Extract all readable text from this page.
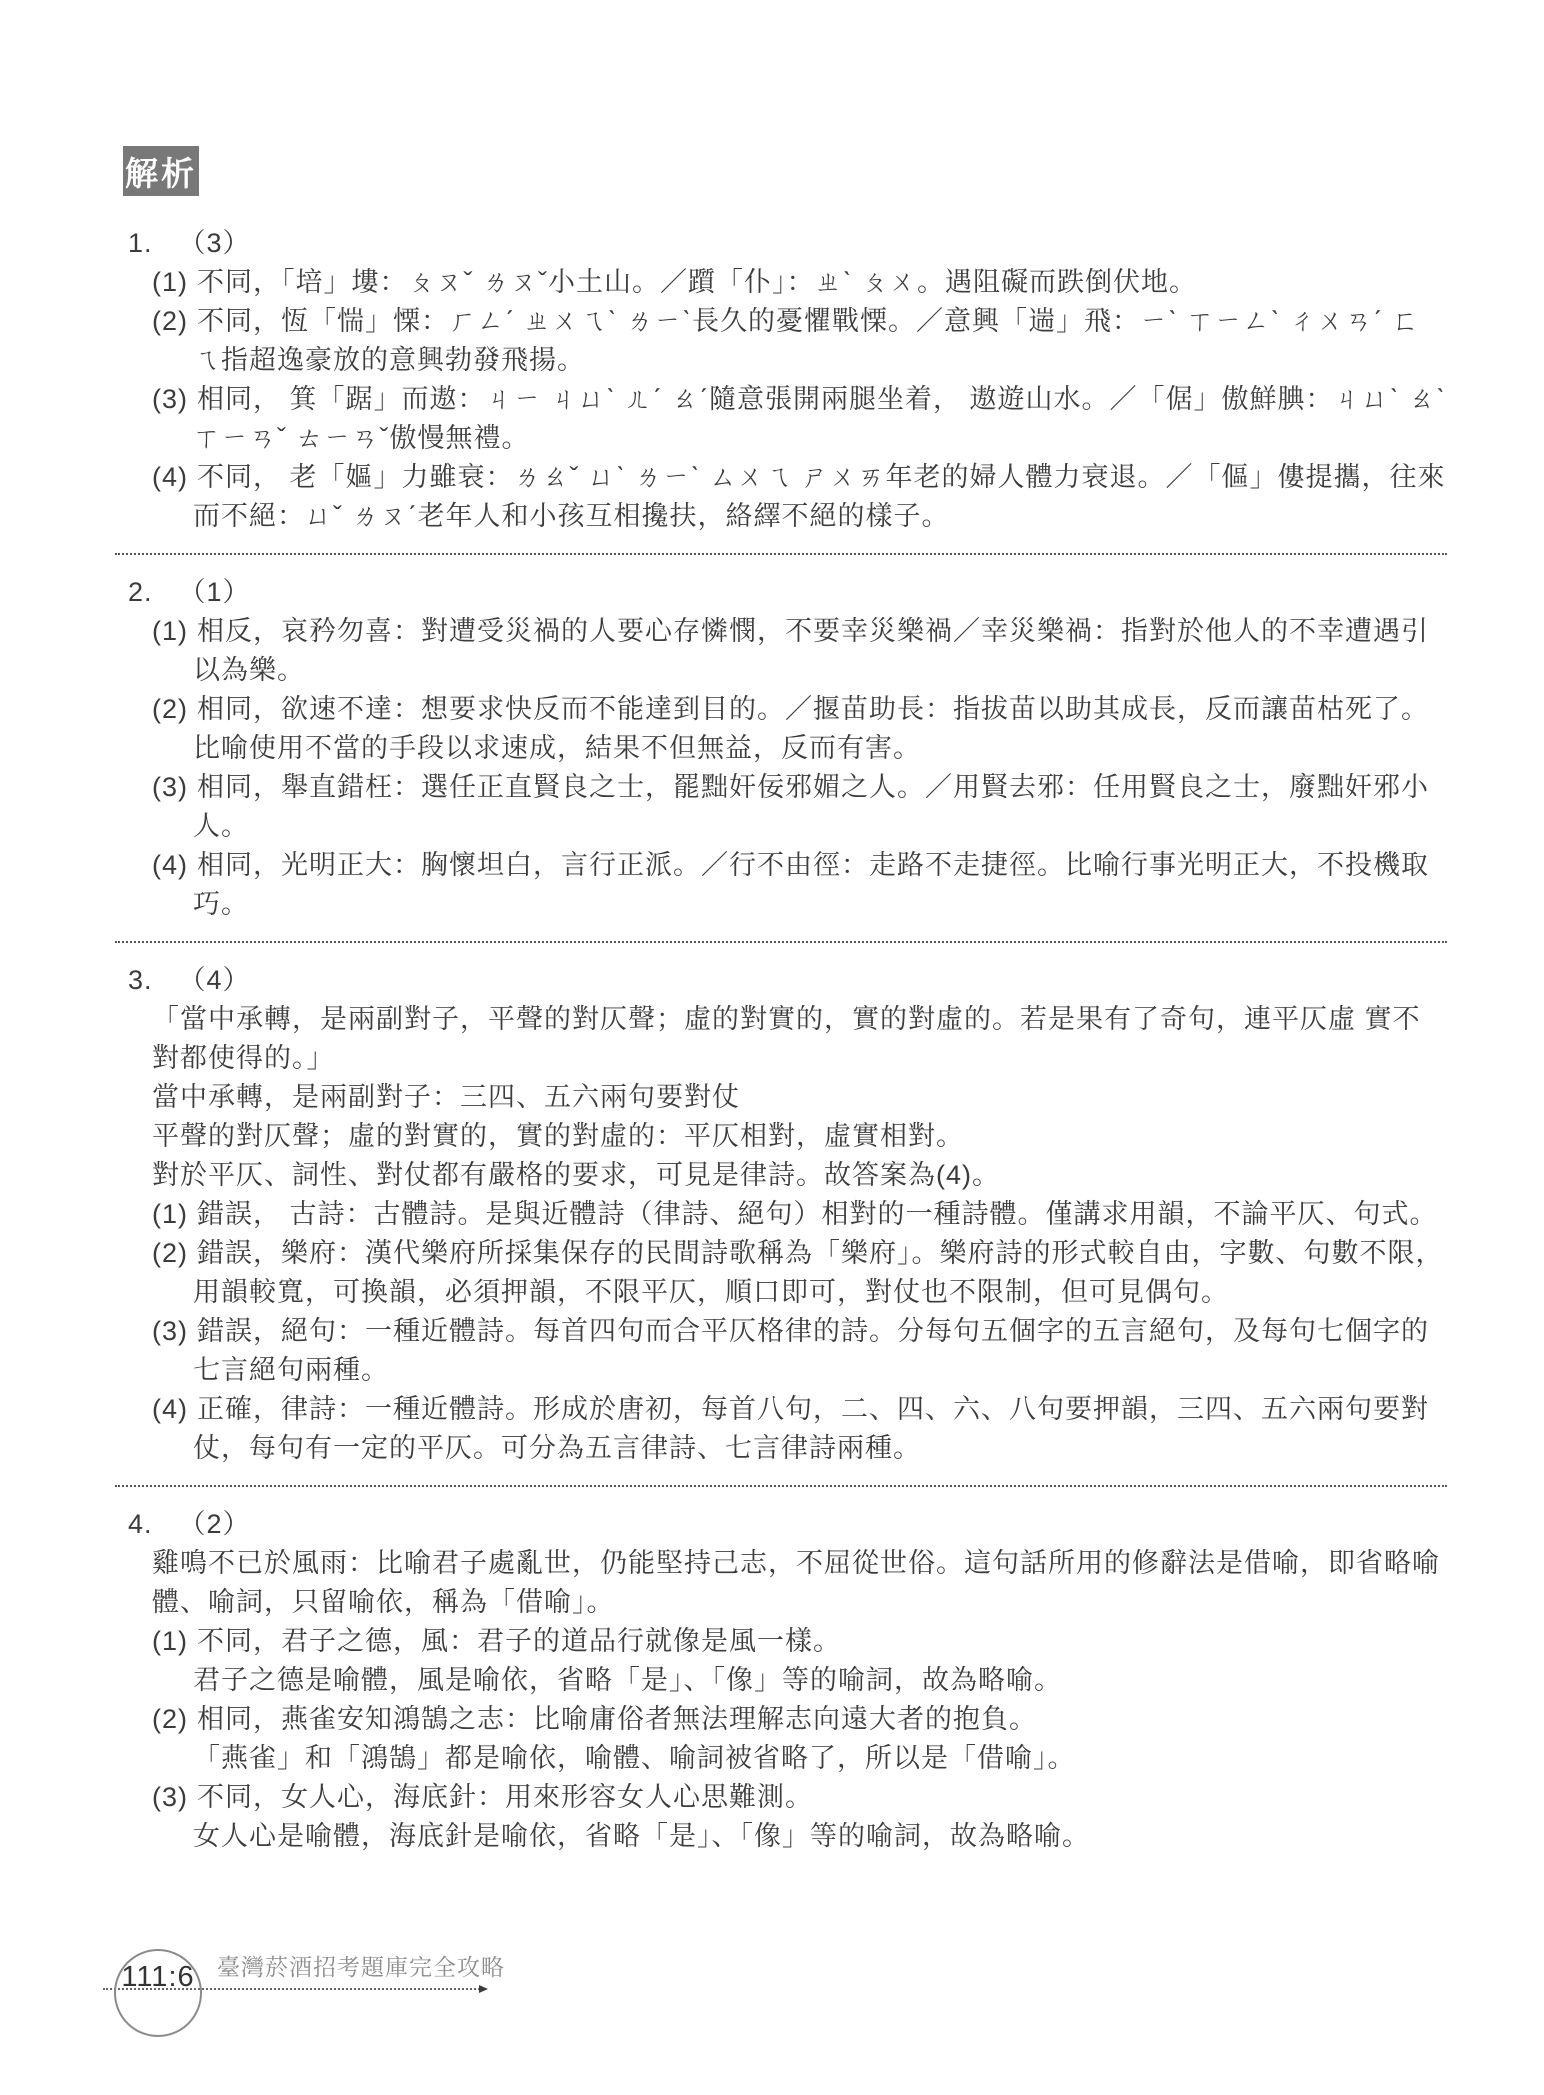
解析

1. （3）

(1) 不同，「培」塿：ㄆㄡˇ ㄌㄡˇ小土山。／躓「仆」：ㄓˋ ㄆㄨ。遇阻礙而跌倒伏地。

(2) 不同，恆「惴」慄：ㄏㄥˊ ㄓㄨㄟˋ ㄌㄧˋ長久的憂懼戰慄。／意興「遄」飛：ㄧˋ ㄒㄧㄥˋ ㄔㄨㄢˊ ㄈㄟ指超逸豪放的意興勃發飛揚。

(3) 相同， 箕「踞」而遨：ㄐㄧ ㄐㄩˋ ㄦˊ ㄠˊ隨意張開兩腿坐着， 遨遊山水。／「倨」傲鮮腆：ㄐㄩˋ ㄠˋ ㄒㄧㄢˇ ㄊㄧㄢˇ傲慢無禮。

(4) 不同， 老「嫗」力雖衰：ㄌㄠˇ ㄩˋ ㄌㄧˋ ㄙㄨㄟ ㄕㄨㄞ年老的婦人體力衰退。／「傴」僂提攜，往來而不絕：ㄩˇ ㄌㄡˊ老年人和小孩互相攙扶，絡繹不絕的樣子。

2. （1）

(1) 相反，哀矜勿喜：對遭受災禍的人要心存憐憫，不要幸災樂禍／幸災樂禍：指對於他人的不幸遭遇引以為樂。

(2) 相同，欲速不達：想要求快反而不能達到目的。／揠苗助長：指拔苗以助其成長，反而讓苗枯死了。比喻使用不當的手段以求速成，結果不但無益，反而有害。

(3) 相同，舉直錯枉：選任正直賢良之士，罷黜奸佞邪媚之人。／用賢去邪：任用賢良之士，廢黜奸邪小人。

(4) 相同，光明正大：胸懷坦白，言行正派。／行不由徑：走路不走捷徑。比喻行事光明正大，不投機取巧。

3. （4）

「當中承轉，是兩副對子，平聲的對仄聲；虛的對實的，實的對虛的。若是果有了奇句，連平仄虛 實不對都使得的。」

當中承轉，是兩副對子：三四、五六兩句要對仗

平聲的對仄聲；虛的對實的，實的對虛的：平仄相對，虛實相對。

對於平仄、詞性、對仗都有嚴格的要求，可見是律詩。故答案為(4)。

(1) 錯誤， 古詩：古體詩。是與近體詩（律詩、絕句）相對的一種詩體。僅講求用韻，不論平仄、句式。

(2) 錯誤，樂府：漢代樂府所採集保存的民間詩歌稱為「樂府」。樂府詩的形式較自由，字數、句數不限，用韻較寬，可換韻，必須押韻，不限平仄，順口即可，對仗也不限制，但可見偶句。

(3) 錯誤，絕句：一種近體詩。每首四句而合平仄格律的詩。分每句五個字的五言絕句，及每句七個字的七言絕句兩種。

(4) 正確，律詩：一種近體詩。形成於唐初，每首八句，二、四、六、八句要押韻，三四、五六兩句要對仗，每句有一定的平仄。可分為五言律詩、七言律詩兩種。

4. （2）

雞鳴不已於風雨：比喻君子處亂世，仍能堅持己志，不屈從世俗。這句話所用的修辭法是借喻，即省略喻體、喻詞，只留喻依，稱為「借喻」。

(1) 不同，君子之德，風：君子的道品行就像是風一樣。

君子之德是喻體，風是喻依，省略「是」、「像」等的喻詞，故為略喻。

(2) 相同，燕雀安知鴻鵠之志：比喻庸俗者無法理解志向遠大者的抱負。

「燕雀」和「鴻鵠」都是喻依，喻體、喻詞被省略了，所以是「借喻」。

(3) 不同，女人心，海底針：用來形容女人心思難測。

女人心是喻體，海底針是喻依，省略「是」、「像」等的喻詞，故為略喻。

111:6 臺灣菸酒招考題庫完全攻略
